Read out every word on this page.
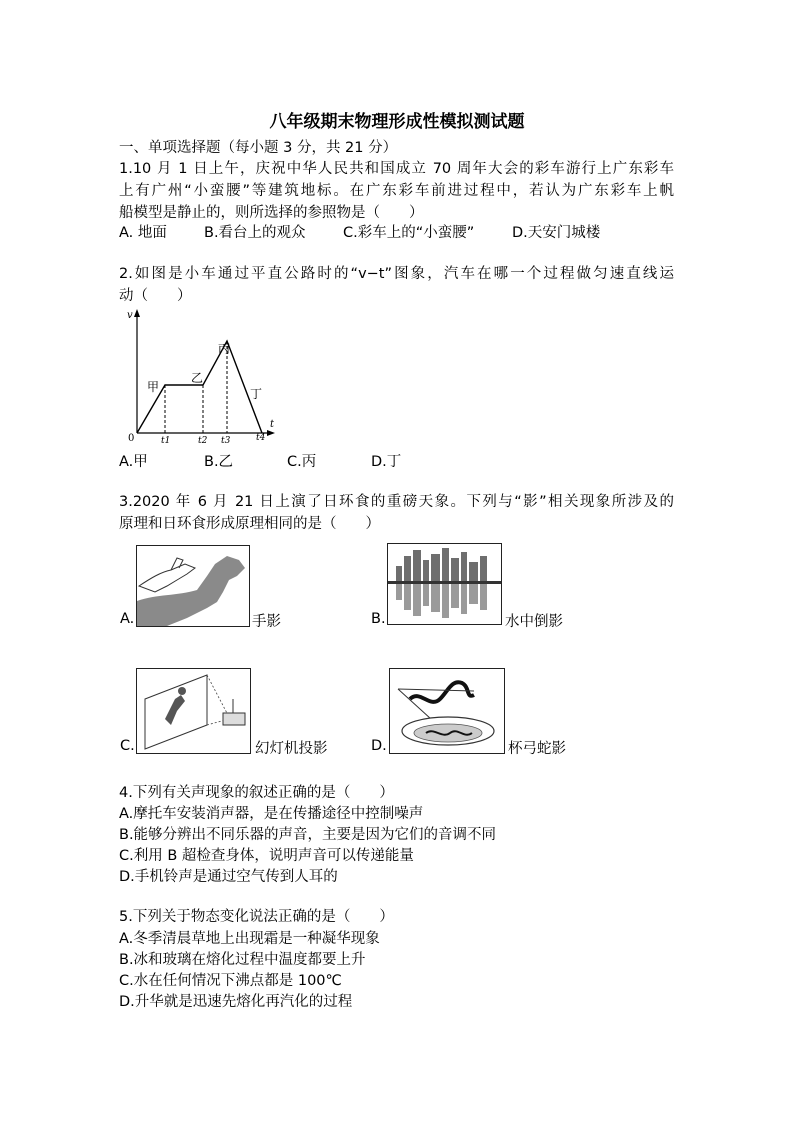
八年级期末物理形成性模拟测试题
一、单项选择题（每小题 3 分，共 21 分）
1.10 月 1 日上午，庆祝中华人民共和国成立 70 周年大会的彩车游行上广东彩车
上有广州“小蛮腰”等建筑地标。在广东彩车前进过程中，若认为广东彩车上帆
船模型是静止的，则所选择的参照物是（　　）
A. 地面	B.看台上的观众	C.彩车上的“小蛮腰”	D.天安门城楼
2.如图是小车通过平直公路时的“v−t”图象，汽车在哪一个过程做匀速直线运
动（　　）
v
t
0	t1	t2 t3	t4
甲
乙
丙
丁
A.甲	B.乙	C.丙	D.丁
3.2020 年 6 月 21 日上演了日环食的重磅天象。下列与“影”相关现象所涉及的
原理和日环食形成原理相同的是（　　）
A.	手影	B.	水中倒影
C.	幻灯机投影	D.	杯弓蛇影
4.下列有关声现象的叙述正确的是（　　）
A.摩托车安装消声器，是在传播途径中控制噪声
B.能够分辨出不同乐器的声音，主要是因为它们的音调不同
C.利用 B 超检查身体，说明声音可以传递能量
D.手机铃声是通过空气传到人耳的
5.下列关于物态变化说法正确的是（　　）
A.冬季清晨草地上出现霜是一种凝华现象
B.冰和玻璃在熔化过程中温度都要上升
C.水在任何情况下沸点都是 100℃
D.升华就是迅速先熔化再汽化的过程
